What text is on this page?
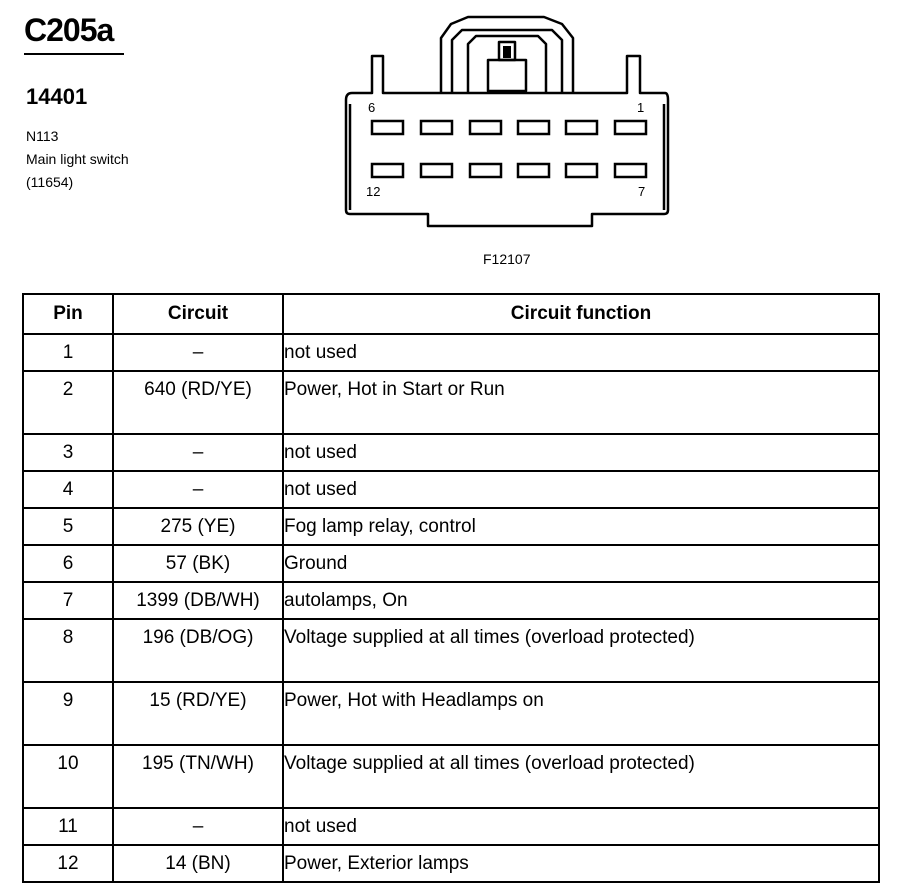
C205a
14401
N113
Main light switch
(11654)
6	1
12	7
F12107
Pin	Circuit	Circuit function
1	–	not used
2	640 (RD/YE)	Power, Hot in Start or Run
3	–	not used
4	–	not used
5	275 (YE)	Fog lamp relay, control
6	57 (BK)	Ground
7	1399 (DB/WH)	autolamps, On
8	196 (DB/OG)	Voltage supplied at all times (overload protected)
9	15 (RD/YE)	Power, Hot with Headlamps on
10	195 (TN/WH)	Voltage supplied at all times (overload protected)
11	–	not used
12	14 (BN)	Power, Exterior lamps
